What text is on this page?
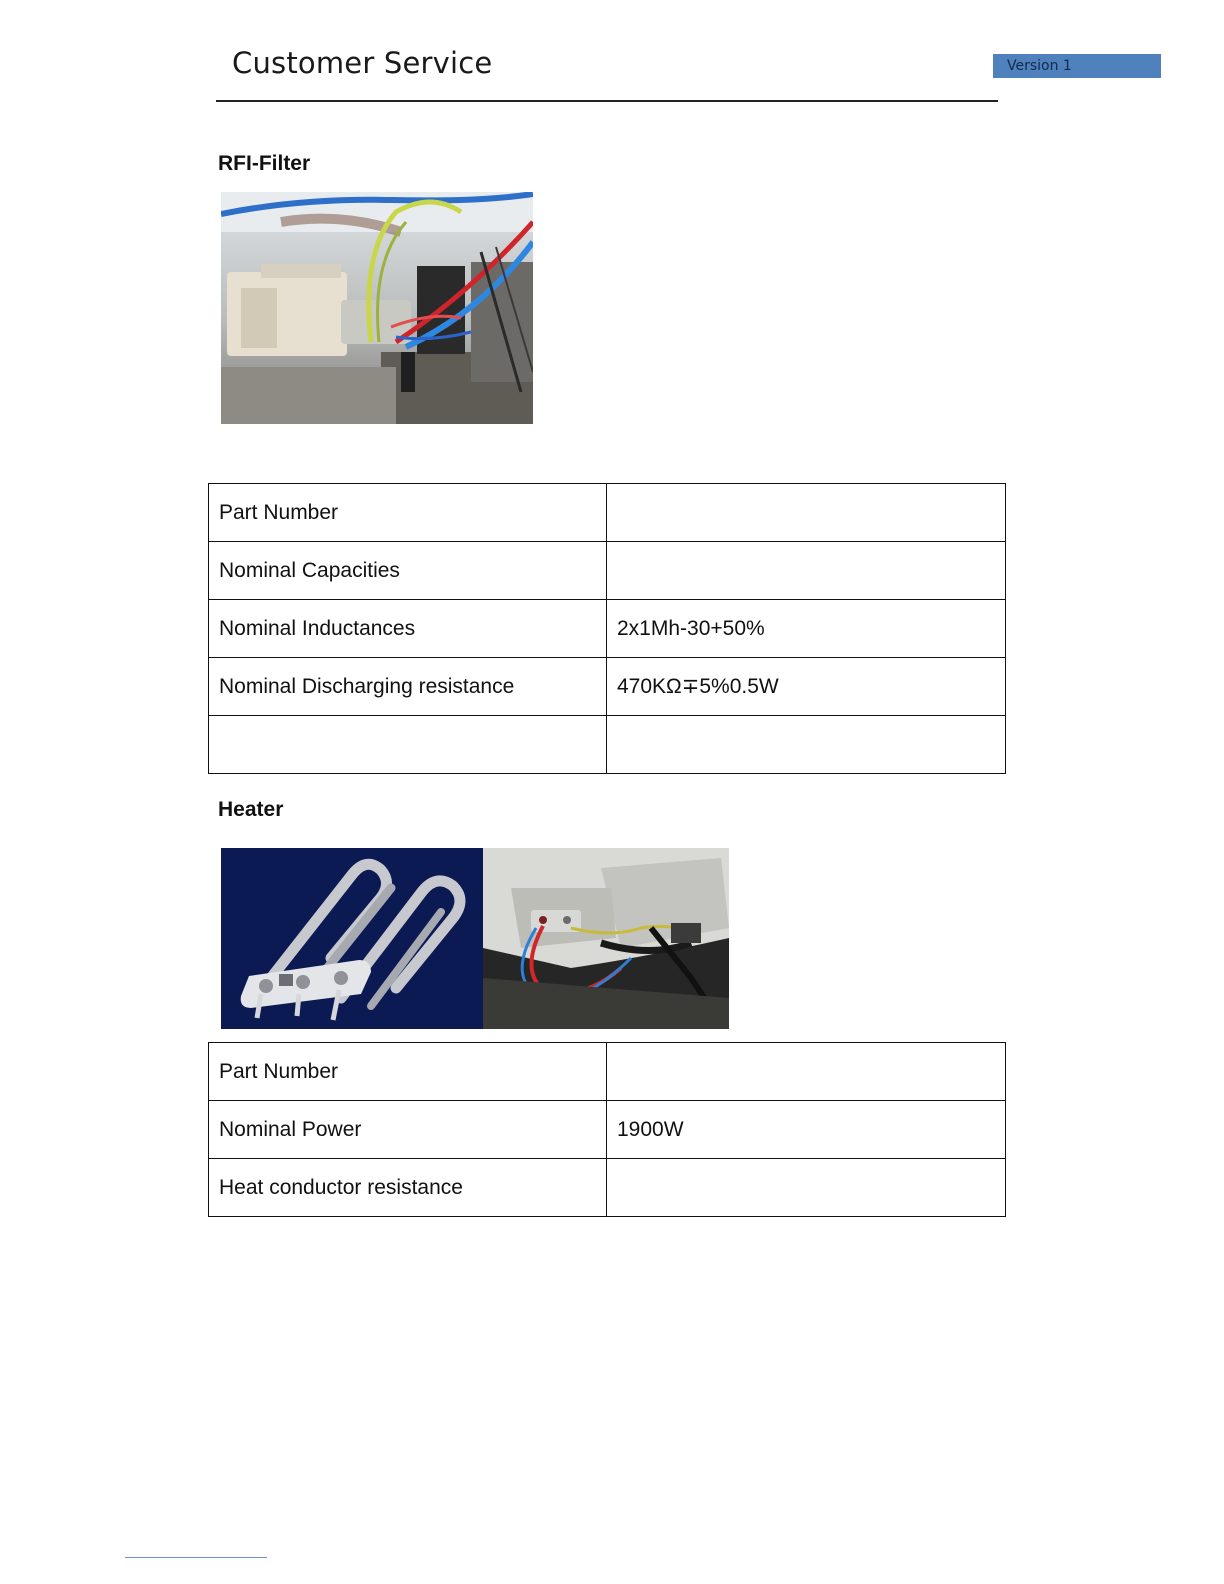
Customer Service	Version 1
RFI-Filter
Part Number	
Nominal Capacities	
Nominal Inductances	2x1Mh-30+50%
Nominal Discharging resistance	470KΩ∓5%0.5W

Heater
Part Number	
Nominal Power	1900W
Heat conductor resistance	
